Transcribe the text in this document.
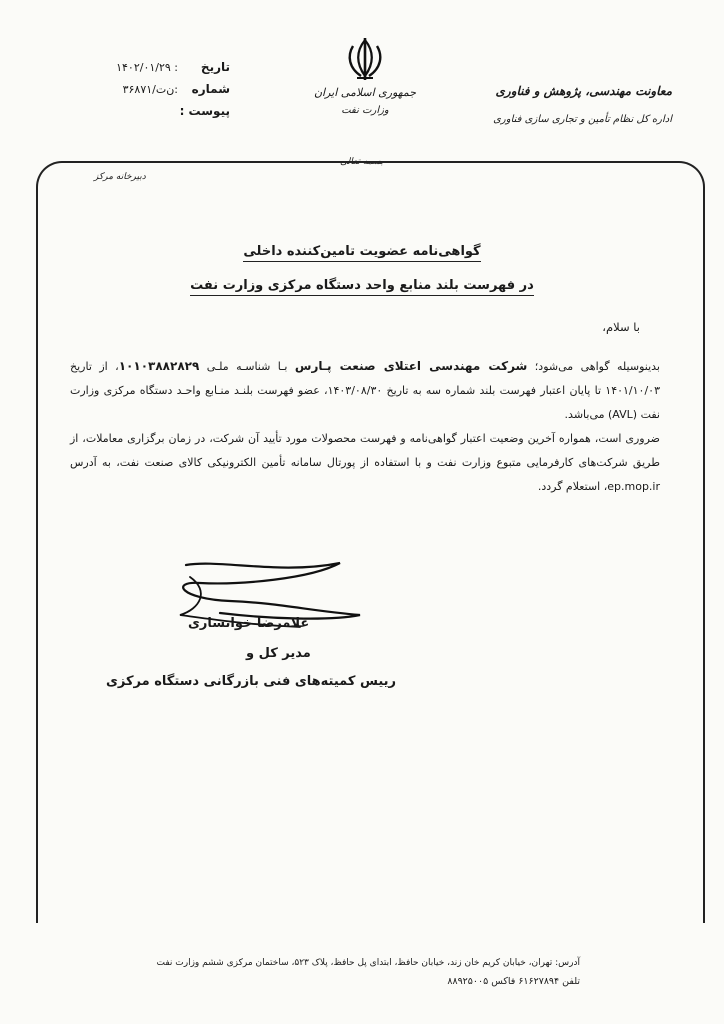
تاریخ
: ۱۴۰۲/۰۱/۲۹
شماره
:ن‌ت/۳۶۸۷۱
پیوست :
جمهوری اسلامی ایران
وزارت نفت
معاونت مهندسی، پژوهش و فناوری
اداره کل نظام تأمین و تجاری سازی فناوری
بسمه تعالی
دبیرخانه مرکز
گواهی‌نامه عضویت تامین‌کننده داخلی
در فهرست بلند منابع واحد دستگاه مرکزی وزارت نفت
با سلام،

بدینوسیله گواهی می‌شود؛ شرکت مهندسی اعتلای صنعت پـارس بـا شناسـه ملـی ۱۰۱۰۳۸۸۲۸۲۹، از تاریخ ۱۴۰۱/۱۰/۰۳ تا پایان اعتبار فهرست بلند شماره سه به تاریخ ۱۴۰۳/۰۸/۳۰، عضو فهرست بلنـد منـابع واحـد دستگاه مرکزی وزارت نفت (AVL) می‌باشد.

ضروری است، همواره آخرین وضعیت اعتبار گواهی‌نامه و فهرست محصولات مورد تأیید آن شرکت، در زمان برگزاری معاملات، از طریق شرکت‌های کارفرمایی متبوع وزارت نفت و با استفاده از پورتال سامانه تأمین الکترونیکی کالای صنعت نفت، به آدرس ep.mop.ir، استعلام گردد.

غلامرضا خوانساری
مدیر کل و
رییس کمیته‌های فنی بازرگانی دستگاه مرکزی
آدرس: تهران، خیابان کریم خان زند، خیابان حافظ، ابتدای پل حافظ، پلاک ۵۲۳، ساختمان مرکزی ششم وزارت نفت
تلفن ۶۱۶۲۷۸۹۴ فاکس ۸۸۹۲۵۰۰۵
